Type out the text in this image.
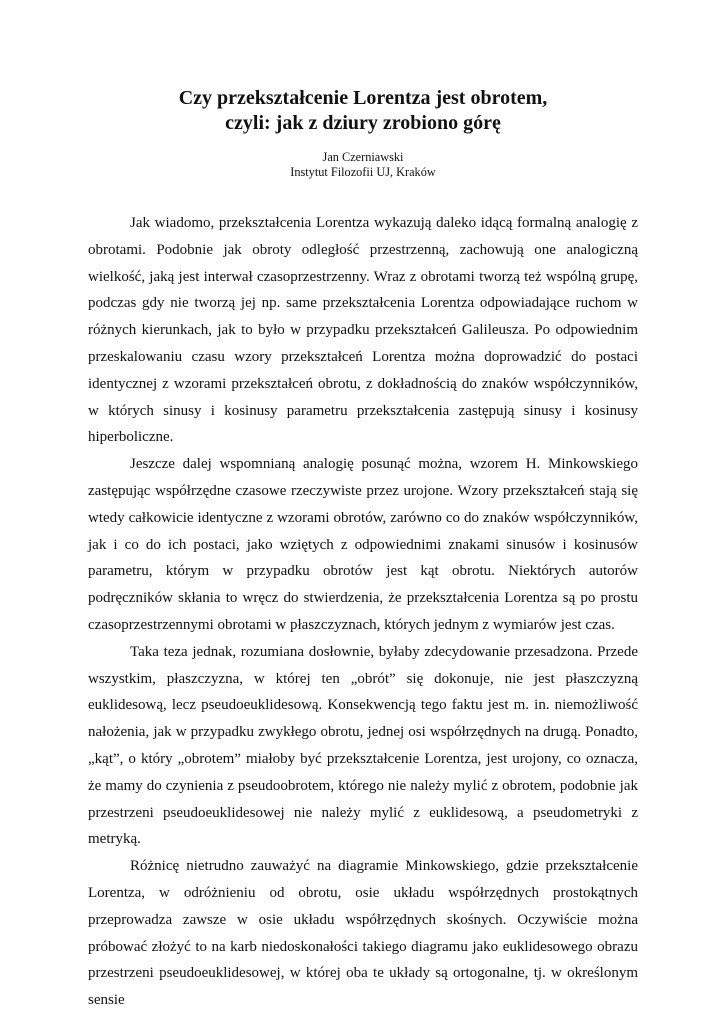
Czy przekształcenie Lorentza jest obrotem,
czyli: jak z dziury zrobiono górę
Jan Czerniawski
Instytut Filozofii UJ, Kraków

Jak wiadomo, przekształcenia Lorentza wykazują daleko idącą formalną analogię z obrotami. Podobnie jak obroty odległość przestrzenną, zachowują one analogiczną wielkość, jaką jest interwał czasoprzestrzenny. Wraz z obrotami tworzą też wspólną grupę, podczas gdy nie tworzą jej np. same przekształcenia Lorentza odpowiadające ruchom w różnych kierunkach, jak to było w przypadku przekształceń Galileusza. Po odpowiednim przeskalowaniu czasu wzory przekształceń Lorentza można doprowadzić do postaci identycznej z wzorami przekształceń obrotu, z dokładnością do znaków współczynników, w których sinusy i kosinusy parametru przekształcenia zastępują sinusy i kosinusy hiperboliczne.

Jeszcze dalej wspomnianą analogię posunąć można, wzorem H. Minkowskiego zastępując współrzędne czasowe rzeczywiste przez urojone. Wzory przekształceń stają się wtedy całkowicie identyczne z wzorami obrotów, zarówno co do znaków współczynników, jak i co do ich postaci, jako wziętych z odpowiednimi znakami sinusów i kosinusów parametru, którym w przypadku obrotów jest kąt obrotu. Niektórych autorów podręczników skłania to wręcz do stwierdzenia, że przekształcenia Lorentza są po prostu czasoprzestrzennymi obrotami w płaszczyznach, których jednym z wymiarów jest czas.

Taka teza jednak, rozumiana dosłownie, byłaby zdecydowanie przesadzona. Przede wszystkim, płaszczyzna, w której ten „obrót” się dokonuje, nie jest płaszczyzną euklidesową, lecz pseudoeuklidesową. Konsekwencją tego faktu jest m. in. niemożliwość nałożenia, jak w przypadku zwykłego obrotu, jednej osi współrzędnych na drugą. Ponadto, „kąt”, o który „obrotem” miałoby być przekształcenie Lorentza, jest urojony, co oznacza, że mamy do czynienia z pseudoobrotem, którego nie należy mylić z obrotem, podobnie jak przestrzeni pseudoeuklidesowej nie należy mylić z euklidesową, a pseudometryki z metryką.

Różnicę nietrudno zauważyć na diagramie Minkowskiego, gdzie przekształcenie Lorentza, w odróżnieniu od obrotu, osie układu współrzędnych prostokątnych przeprowadza zawsze w osie układu współrzędnych skośnych. Oczywiście można próbować złożyć to na karb niedoskonałości takiego diagramu jako euklidesowego obrazu przestrzeni pseudoeuklidesowej, w której oba te układy są ortogonalne, tj. w określonym sensie
